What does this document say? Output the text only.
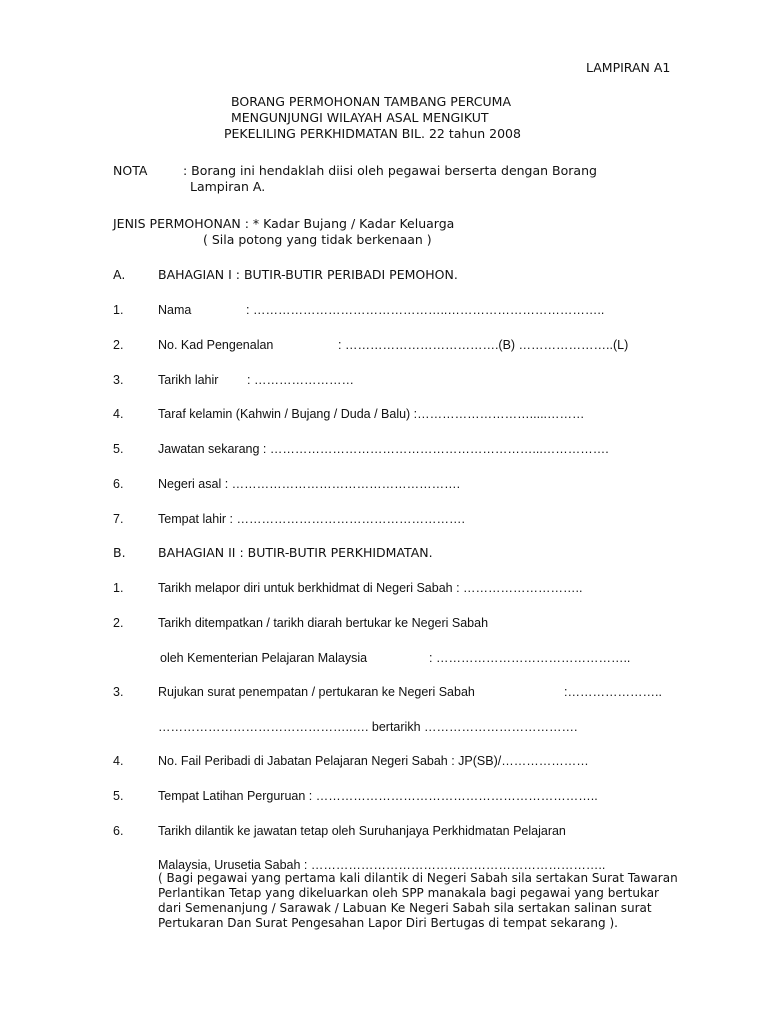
LAMPIRAN A1
BORANG PERMOHONAN TAMBANG PERCUMA
MENGUNJUNGI WILAYAH ASAL MENGIKUT
PEKELILING PERKHIDMATAN BIL. 22 tahun 2008
NOTA	: Borang ini hendaklah diisi oleh pegawai berserta dengan Borang
Lampiran A.
JENIS PERMOHONAN : * Kadar Bujang / Kadar Keluarga
( Sila potong yang tidak berkenaan )
A.	BAHAGIAN I : BUTIR-BUTIR PERIBADI PEMOHON.
1.	Nama	: ………………………………………..………………………………..
2.	No. Kad Pengenalan	: ……………………………….(B) …………………..(L)
3.	Tarikh lahir : ……………………
4.	Taraf kelamin (Kahwin / Bujang / Duda / Balu) :……………………….....………
5.	Jawatan sekarang : ………………………………………………………...…………….
6.	Negeri asal : ……………………………………………….
7.	Tempat lahir : ……………………………………………….
B.	BAHAGIAN II : BUTIR-BUTIR PERKHIDMATAN.
1.	Tarikh melapor diri untuk berkhidmat di Negeri Sabah : ………………………..
2.	Tarikh ditempatkan / tarikh diarah bertukar ke Negeri Sabah
oleh Kementerian Pelajaran Malaysia	: ………………………………………..
3.	Rujukan surat penempatan / pertukaran ke Negeri Sabah	:…………………..
………………………………………..…. bertarikh ……………………………….
4.	No. Fail Peribadi di Jabatan Pelajaran Negeri Sabah : JP(SB)/…………………
5.	Tempat Latihan Perguruan : …………………………………………………………..
6.	Tarikh dilantik ke jawatan tetap oleh Suruhanjaya Perkhidmatan Pelajaran
Malaysia, Urusetia Sabah : ……………………………………………………………..
( Bagi pegawai yang pertama kali dilantik di Negeri Sabah sila sertakan Surat Tawaran
Perlantikan Tetap yang dikeluarkan oleh SPP manakala bagi pegawai yang bertukar
dari Semenanjung / Sarawak / Labuan Ke Negeri Sabah sila sertakan salinan surat
Pertukaran Dan Surat Pengesahan Lapor Diri Bertugas di tempat sekarang ).
